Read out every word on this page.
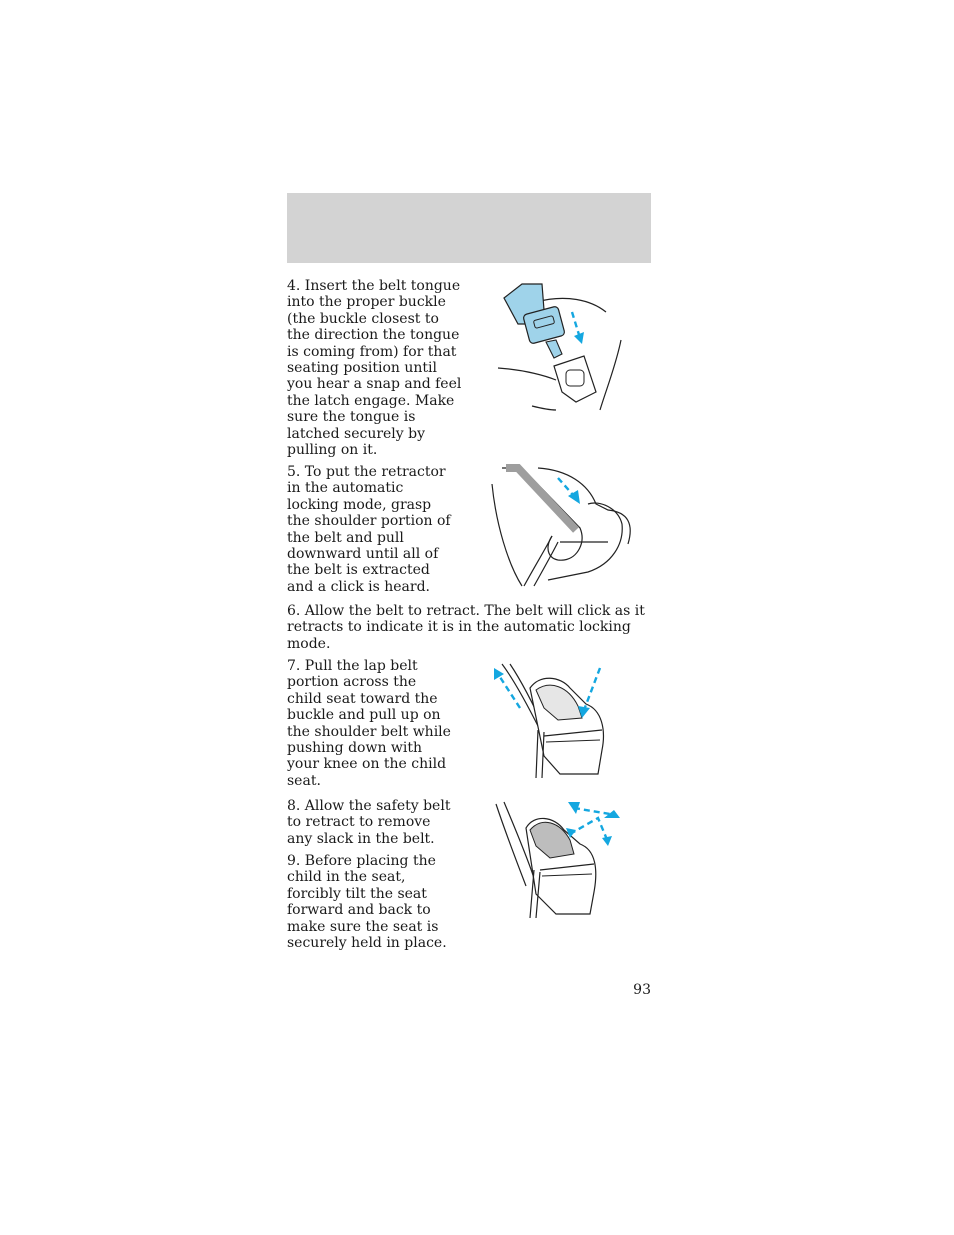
4. Insert the belt tongue into the proper buckle (the buckle closest to the direction the tongue is coming from) for that seating position until you hear a snap and feel the latch engage. Make sure the tongue is latched securely by pulling on it.

5. To put the retractor in the automatic locking mode, grasp the shoulder portion of the belt and pull downward until all of the belt is extracted and a click is heard.

6. Allow the belt to retract. The belt will click as it retracts to indicate it is in the automatic locking mode.

7. Pull the lap belt portion across the child seat toward the buckle and pull up on the shoulder belt while pushing down with your knee on the child seat.

8. Allow the safety belt to retract to remove any slack in the belt.

9. Before placing the child in the seat, forcibly tilt the seat forward and back to make sure the seat is securely held in place.

93
